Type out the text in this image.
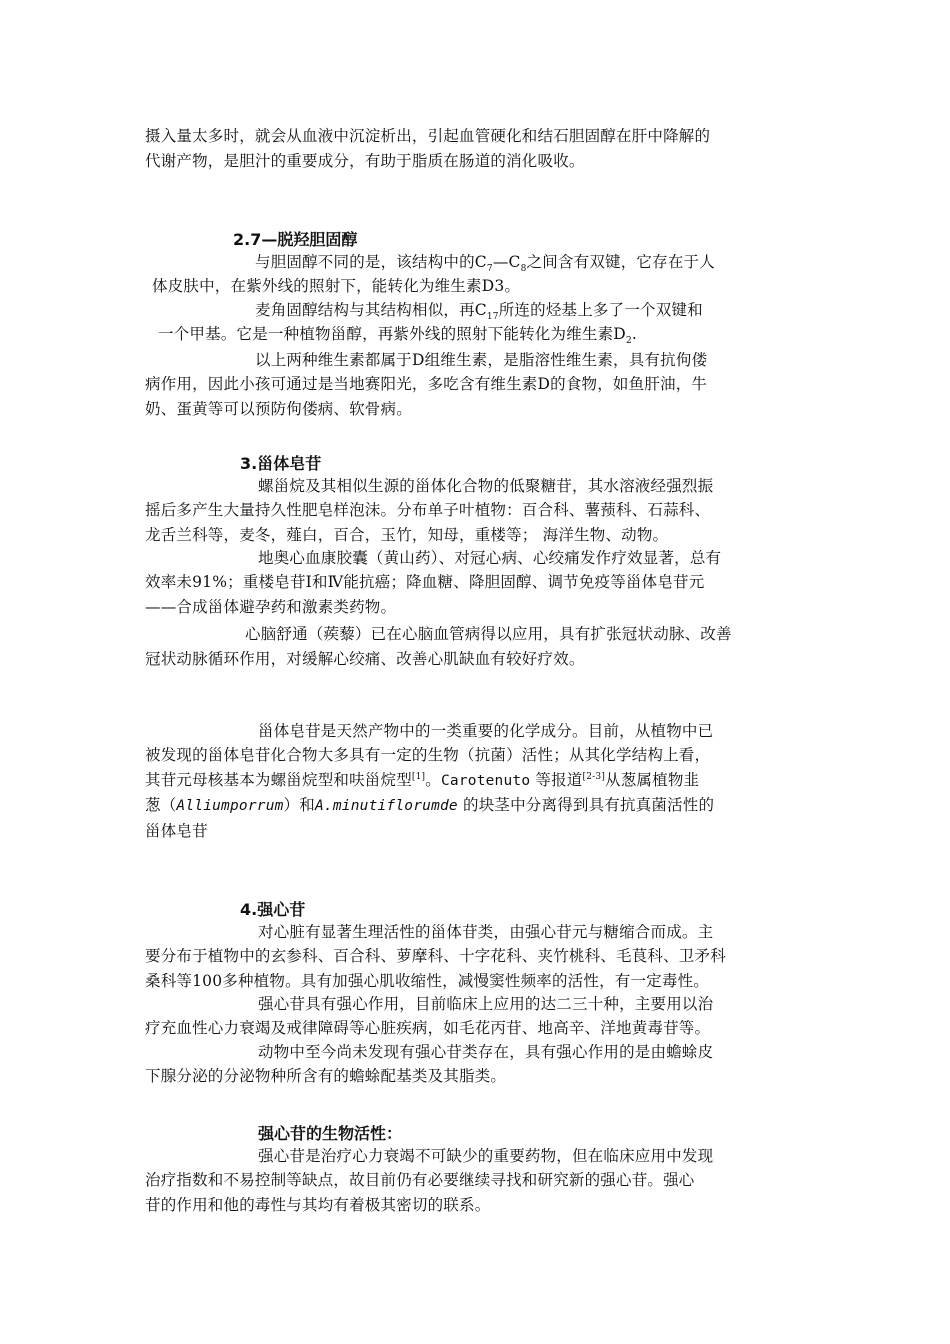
摄入量太多时，就会从血液中沉淀析出，引起血管硬化和结石胆固醇在肝中降解的
代谢产物，是胆汁的重要成分，有助于脂质在肠道的消化吸收。
2.7—脱羟胆固醇
与胆固醇不同的是，该结构中的$C_7—C_8$之间含有双键，它存在于人
体皮肤中，在紫外线的照射下，能转化为维生素D3。
麦角固醇结构与其结构相似，再$C_{17}$所连的烃基上多了一个双键和
一个甲基。它是一种植物甾醇，再紫外线的照射下能转化为维生素$D_2$.
以上两种维生素都属于D组维生素，是脂溶性维生素，具有抗佝偻
病作用，因此小孩可通过是当地赛阳光，多吃含有维生素D的食物，如鱼肝油，牛
奶、蛋黄等可以预防佝偻病、软骨病。
3.甾体皂苷
螺甾烷及其相似生源的甾体化合物的低聚糖苷，其水溶液经强烈振
摇后多产生大量持久性肥皂样泡沫。分布单子叶植物：百合科、薯蓣科、石蒜科、
龙舌兰科等，麦冬，薤白，百合，玉竹，知母，重楼等； 海洋生物、动物。
地奥心血康胶囊（黄山药）、对冠心病、心绞痛发作疗效显著，总有
效率未91%；重楼皂苷Ⅰ和Ⅳ能抗癌；降血糖、降胆固醇、调节免疫等甾体皂苷元
——合成甾体避孕药和激素类药物。
心脑舒通（蒺藜）已在心脑血管病得以应用，具有扩张冠状动脉、改善
冠状动脉循环作用，对缓解心绞痛、改善心肌缺血有较好疗效。
甾体皂苷是天然产物中的一类重要的化学成分。目前，从植物中已
被发现的甾体皂苷化合物大多具有一定的生物（抗菌）活性；从其化学结构上看，
其苷元母核基本为螺甾烷型和呋甾烷型[1]。Carotenuto 等报道[2-3]从葱属植物韭
葱（Alliumporrum）和A.minutiflorumde 的块茎中分离得到具有抗真菌活性的
甾体皂苷
4.强心苷
对心脏有显著生理活性的甾体苷类，由强心苷元与糖缩合而成。主
要分布于植物中的玄参科、百合科、萝摩科、十字花科、夹竹桃科、毛茛科、卫矛科
桑科等100多种植物。具有加强心肌收缩性，减慢窦性频率的活性，有一定毒性。
强心苷具有强心作用，目前临床上应用的达二三十种，主要用以治
疗充血性心力衰竭及戒律障碍等心脏疾病，如毛花丙苷、地高辛、洋地黄毒苷等。
动物中至今尚未发现有强心苷类存在，具有强心作用的是由蟾蜍皮
下腺分泌的分泌物种所含有的蟾蜍配基类及其脂类。
强心苷的生物活性：
强心苷是治疗心力衰竭不可缺少的重要药物，但在临床应用中发现
治疗指数和不易控制等缺点，故目前仍有必要继续寻找和研究新的强心苷。强心
苷的作用和他的毒性与其均有着极其密切的联系。
